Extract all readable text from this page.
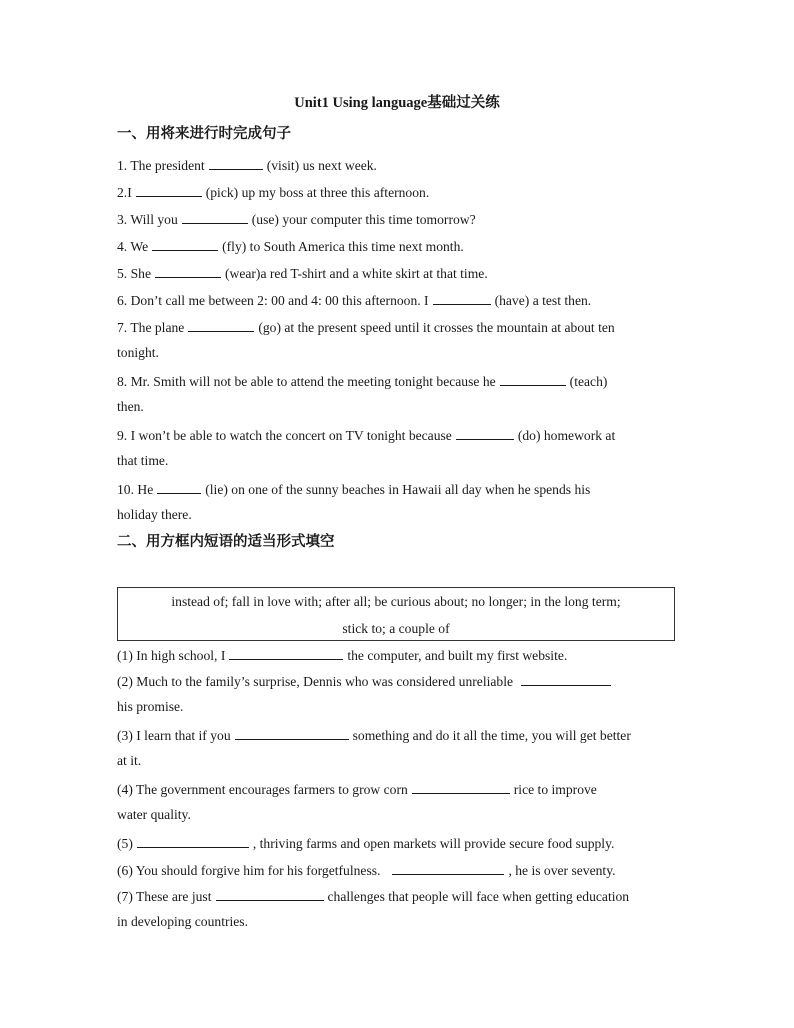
Unit1 Using language基础过关练
一、用将来进行时完成句子
1. The president	(visit) us next week.
2.I	(pick) up my boss at three this afternoon.
3. Will you	(use) your computer this time tomorrow?
4. We	(fly) to South America this time next month.
5. She	(wear)a red T-shirt and a white skirt at that time.
6. Don’t call me between 2: 00 and 4: 00 this afternoon. I	(have) a test then.
7. The plane	(go) at the present speed until it crosses the mountain at about ten
tonight.
8. Mr. Smith will not be able to attend the meeting tonight because he	(teach)
then.
9. I won’t be able to watch the concert on TV tonight because	(do) homework at
that time.
10. He	(lie) on one of the sunny beaches in Hawaii all day when he spends his
holiday there.
二、用方框内短语的适当形式填空
instead of; fall in love with; after all; be curious about; no longer; in the long term;
stick to; a couple of
(1) In high school, I	the computer, and built my first website.
(2) Much to the family’s surprise, Dennis who was considered unreliable
his promise.
(3) I learn that if you	something and do it all the time, you will get better
at it.
(4) The government encourages farmers to grow corn	rice to improve
water quality.
(5)	, thriving farms and open markets will provide secure food supply.
(6) You should forgive him for his forgetfulness.	, he is over seventy.
(7) These are just	challenges that people will face when getting education
in developing countries.
